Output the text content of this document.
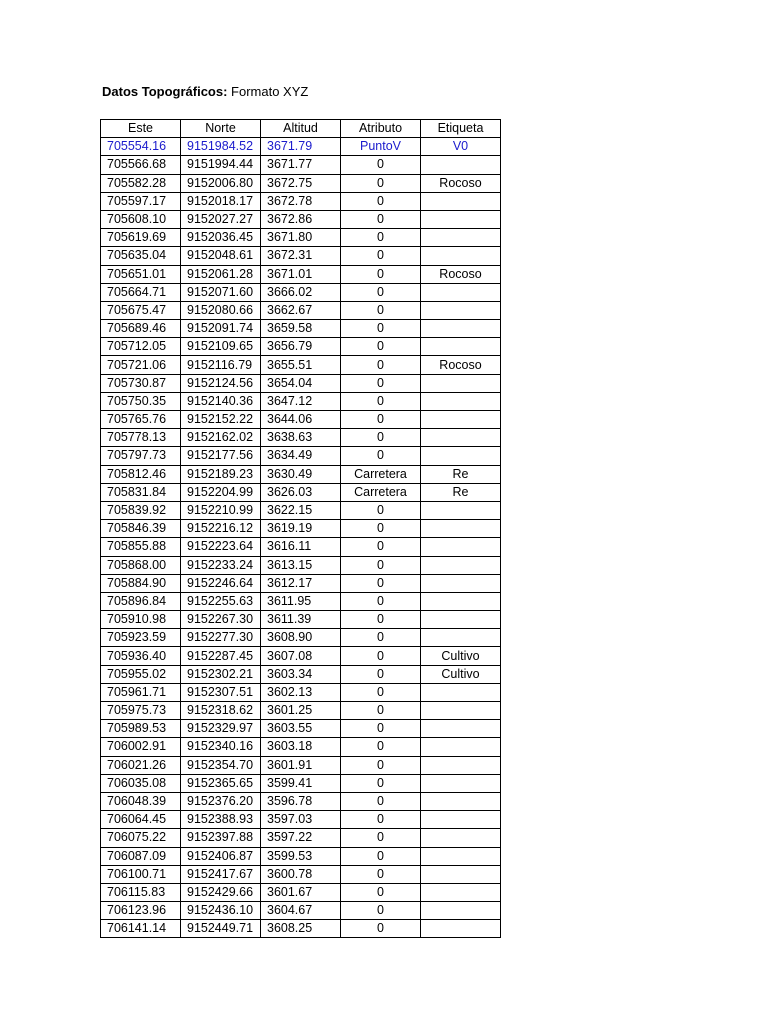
Datos Topográficos: Formato XYZ
Este	Norte	Altitud	Atributo	Etiqueta
705554.16	9151984.52	3671.79	PuntoV	V0
705566.68	9151994.44	3671.77	0	
705582.28	9152006.80	3672.75	0	Rocoso
705597.17	9152018.17	3672.78	0	
705608.10	9152027.27	3672.86	0	
705619.69	9152036.45	3671.80	0	
705635.04	9152048.61	3672.31	0	
705651.01	9152061.28	3671.01	0	Rocoso
705664.71	9152071.60	3666.02	0	
705675.47	9152080.66	3662.67	0	
705689.46	9152091.74	3659.58	0	
705712.05	9152109.65	3656.79	0	
705721.06	9152116.79	3655.51	0	Rocoso
705730.87	9152124.56	3654.04	0	
705750.35	9152140.36	3647.12	0	
705765.76	9152152.22	3644.06	0	
705778.13	9152162.02	3638.63	0	
705797.73	9152177.56	3634.49	0	
705812.46	9152189.23	3630.49	Carretera	Re
705831.84	9152204.99	3626.03	Carretera	Re
705839.92	9152210.99	3622.15	0	
705846.39	9152216.12	3619.19	0	
705855.88	9152223.64	3616.11	0	
705868.00	9152233.24	3613.15	0	
705884.90	9152246.64	3612.17	0	
705896.84	9152255.63	3611.95	0	
705910.98	9152267.30	3611.39	0	
705923.59	9152277.30	3608.90	0	
705936.40	9152287.45	3607.08	0	Cultivo
705955.02	9152302.21	3603.34	0	Cultivo
705961.71	9152307.51	3602.13	0	
705975.73	9152318.62	3601.25	0	
705989.53	9152329.97	3603.55	0	
706002.91	9152340.16	3603.18	0	
706021.26	9152354.70	3601.91	0	
706035.08	9152365.65	3599.41	0	
706048.39	9152376.20	3596.78	0	
706064.45	9152388.93	3597.03	0	
706075.22	9152397.88	3597.22	0	
706087.09	9152406.87	3599.53	0	
706100.71	9152417.67	3600.78	0	
706115.83	9152429.66	3601.67	0	
706123.96	9152436.10	3604.67	0	
706141.14	9152449.71	3608.25	0	
